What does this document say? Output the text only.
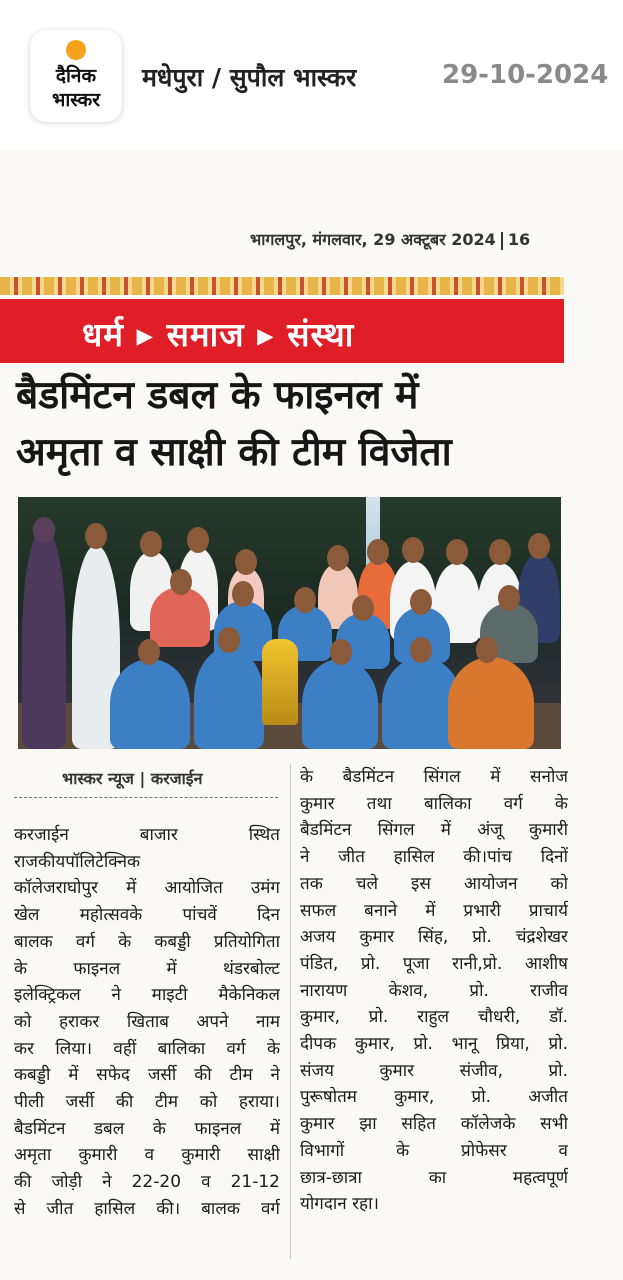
दैनिक
भास्कर
मधेपुरा / सुपौल भास्कर	29-10-2024
भागलपुर, मंगलवार, 29 अक्टूबर 2024 16
धर्म ▸ समाज ▸ संस्था
बैडमिंटन डबल के फाइनल में
अमृता व साक्षी की टीम विजेता
भास्कर न्यूज | करजाईन
करजाईन बाजार स्थित
राजकीयपॉलिटेक्निक
कॉलेजराघोपुर में आयोजित उमंग
खेल महोत्सवके पांचवें दिन
बालक वर्ग के कबड्डी प्रतियोगिता
के फाइनल में थंडरबोल्ट
इलेक्ट्रिकल ने माइटी मैकेनिकल
को हराकर खिताब अपने नाम
कर लिया। वहीं बालिका वर्ग के
कबड्डी में सफेद जर्सी की टीम ने
पीली जर्सी की टीम को हराया।
बैडमिंटन डबल के फाइनल में
अमृता कुमारी व कुमारी साक्षी
की जोड़ी ने 22-20 व 21-12
से जीत हासिल की। बालक वर्ग
के बैडमिंटन सिंगल में सनोज
कुमार तथा बालिका वर्ग के
बैडमिंटन सिंगल में अंजू कुमारी
ने जीत हासिल की।पांच दिनों
तक चले इस आयोजन को
सफल बनाने में प्रभारी प्राचार्य
अजय कुमार सिंह, प्रो. चंद्रशेखर
पंडित, प्रो. पूजा रानी,प्रो. आशीष
नारायण केशव, प्रो. राजीव
कुमार, प्रो. राहुल चौधरी, डॉ.
दीपक कुमार, प्रो. भानू प्रिया, प्रो.
संजय कुमार संजीव, प्रो.
पुरूषोतम कुमार, प्रो. अजीत
कुमार झा सहित कॉलेजके सभी
विभागों के प्रोफेसर व
छात्र-छात्रा का महत्वपूर्ण
योगदान रहा।
